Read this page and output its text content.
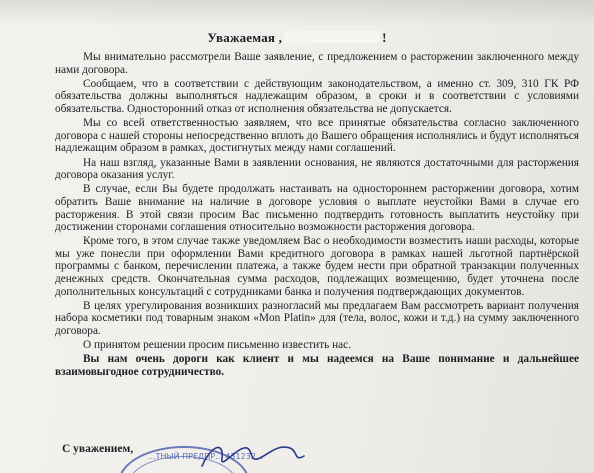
Уважаемая ,	!

Мы внимательно рассмотрели Ваше заявление, с предложением о расторжении заключенного между нами договора.

Сообщаем, что в соответствии с действующим законодательством, а именно ст. 309, 310 ГК РФ обязательства должны выполняться надлежащим образом, в сроки и в соответствии с условиями обязательства. Односторонний отказ от исполнения обязательства не допускается.

Мы со всей ответственностью заявляем, что все принятые обязательства согласно заключенного договора с нашей стороны непосредственно вплоть до Вашего обращения исполнялись и будут исполняться надлежащим образом в рамках, достигнутых между нами соглашений.

На наш взгляд, указанные Вами в заявлении основания, не являются достаточными для расторжения договора оказания услуг.

В случае, если Вы будете продолжать настаивать на одностороннем расторжении договора, хотим обратить Ваше внимание на наличие в договоре условия о выплате неустойки Вами в случае его расторжения. В этой связи просим Вас письменно подтвердить готовность выплатить неустойку при достижении сторонами соглашения относительно возможности расторжения договора.

Кроме того, в этом случае также уведомляем Вас о необходимости возместить наши расходы, которые мы уже понесли при оформлении Вами кредитного договора в рамках нашей льготной партнёрской программы с банком, перечислении платежа, а также будем нести при обратной транзакции полученных денежных средств. Окончательная сумма расходов, подлежащих возмещению, будет уточнена после дополнительных консультаций с сотрудниками банка и получения подтверждающих документов.

В целях урегулирования возникших разногласий мы предлагаем Вам рассмотреть вариант получения набора косметики под товарным знаком «Mon Platin» для (тела, волос, кожи и т.д.) на сумму заключенного договора.

О принятом решении просим письменно известить нас.

Вы нам очень дороги как клиент и мы надеемся на Ваше понимание и дальнейшее взаимовыгодное сотрудничество.

С уважением,
...ТНЫЙ ПРЕДПР... 431232...
